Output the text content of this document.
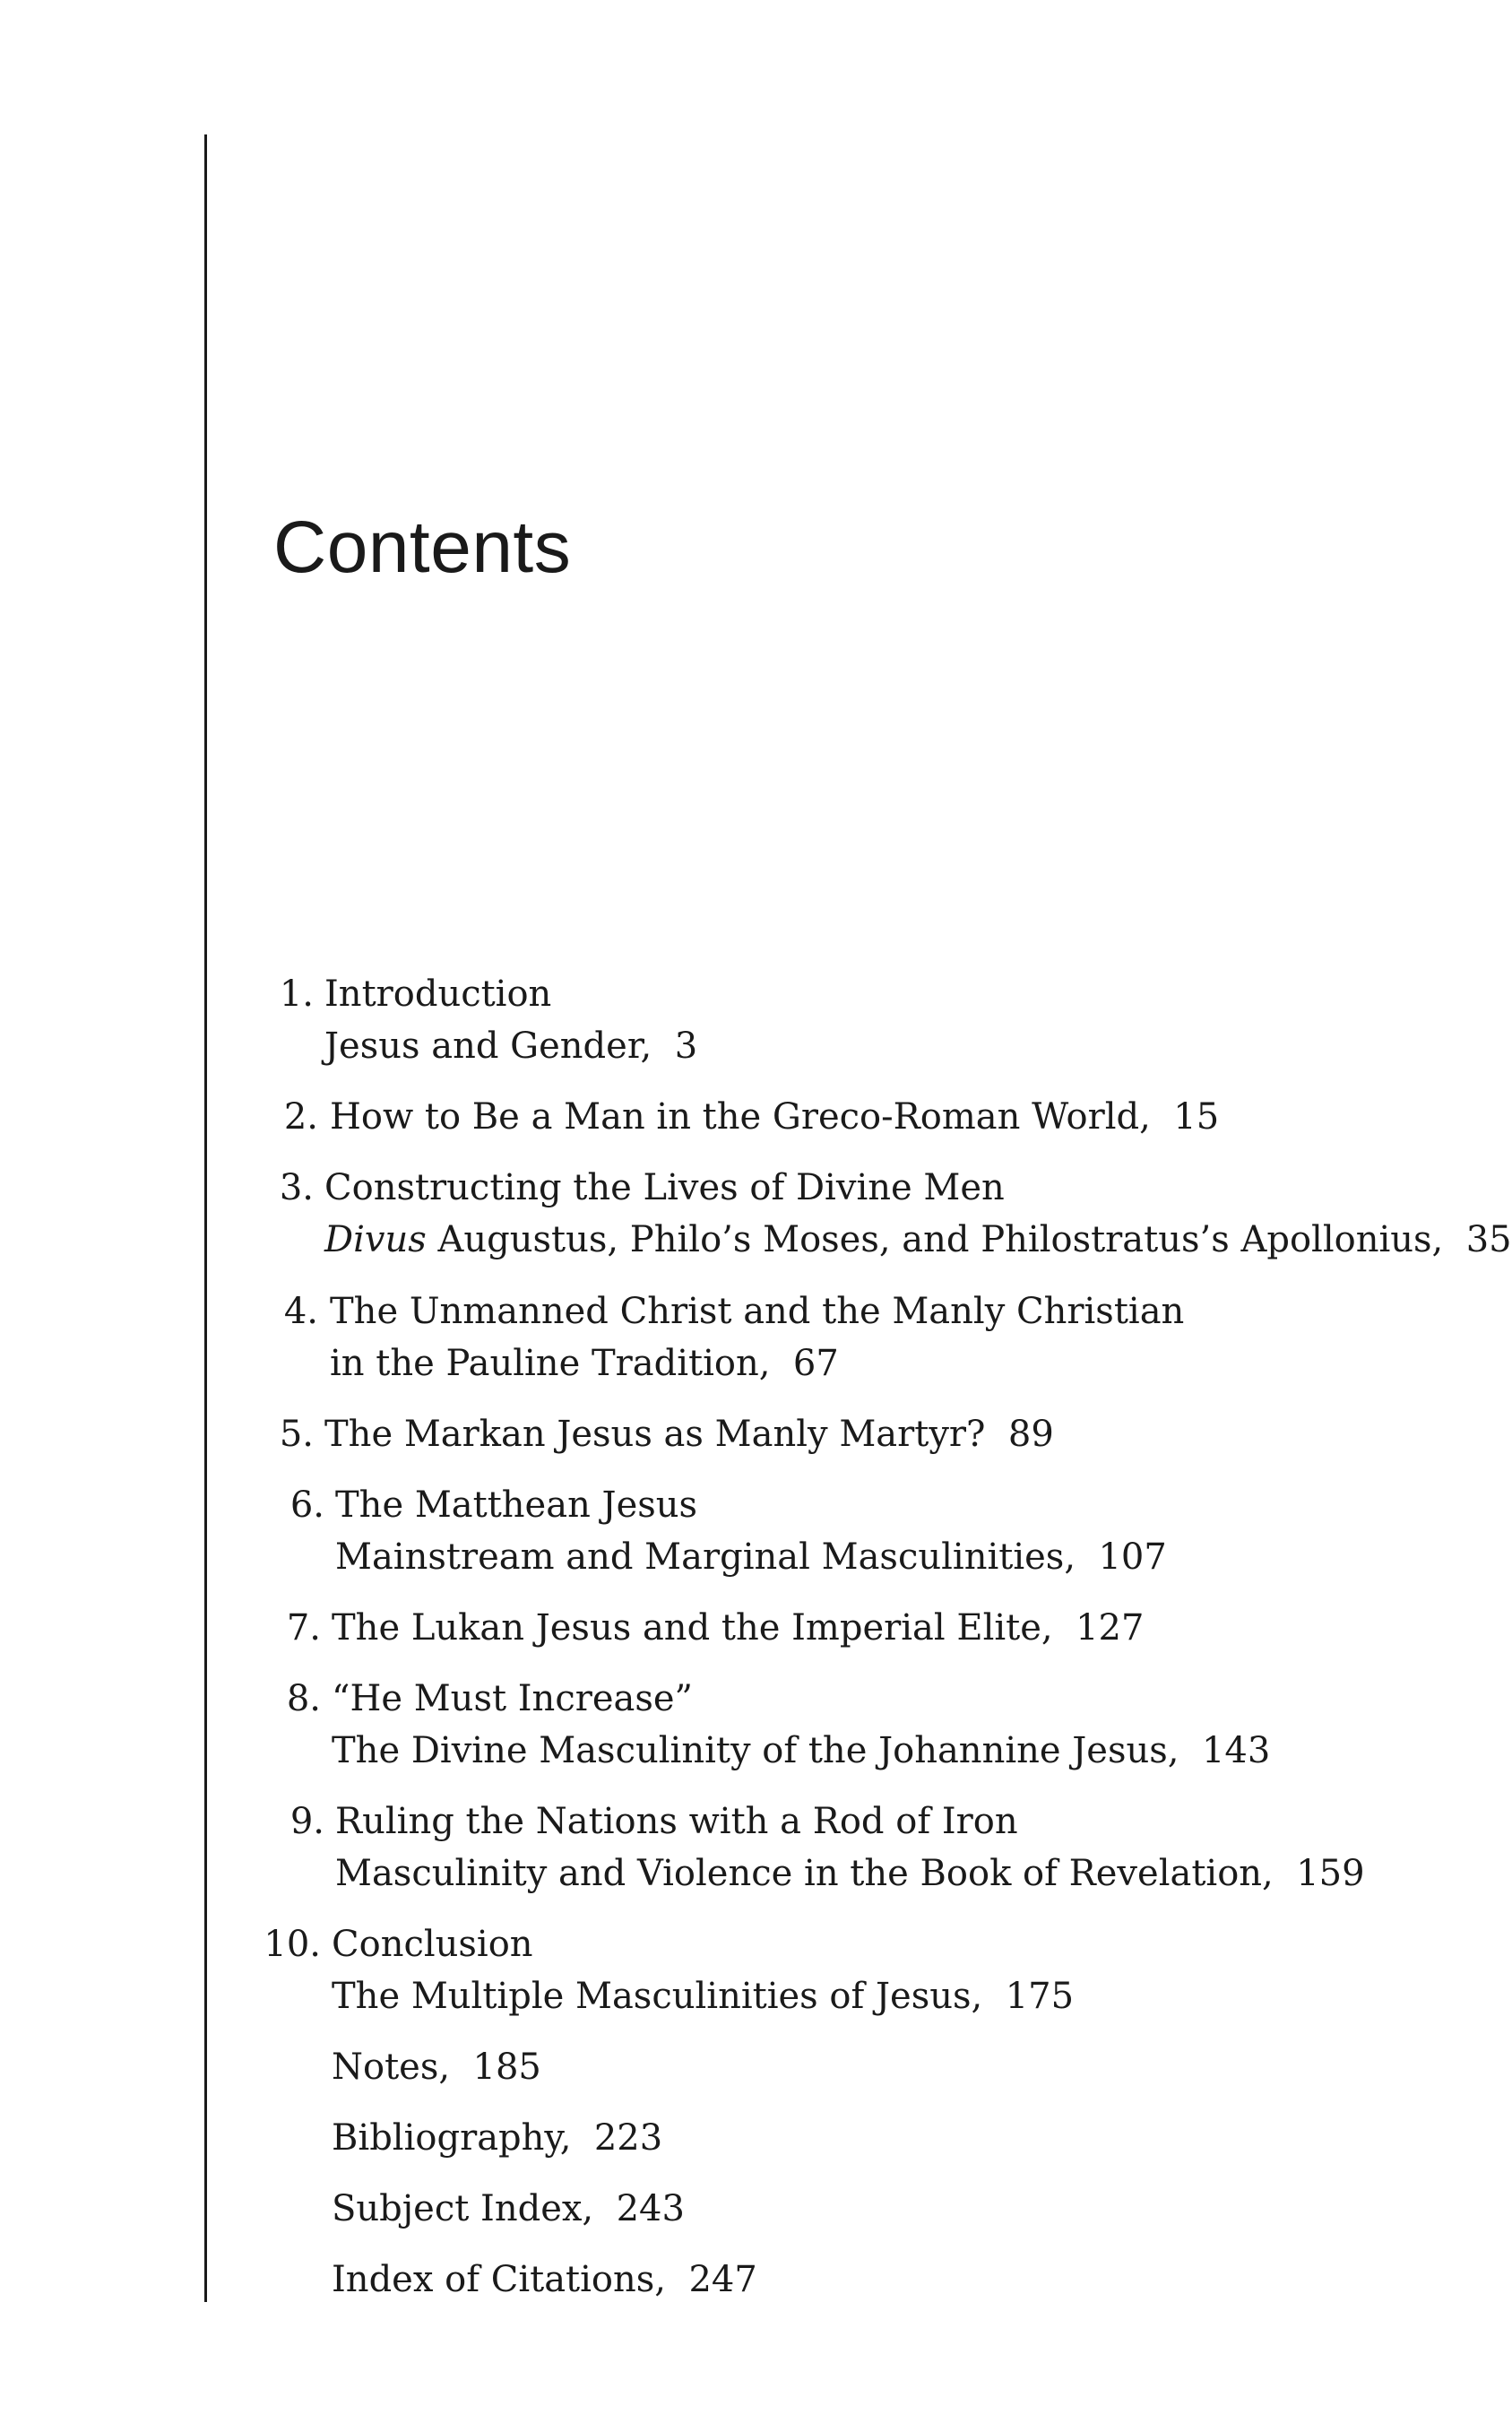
Contents
1. Introduction
Jesus and Gender, 3
2. How to Be a Man in the Greco-Roman World, 15
3. Constructing the Lives of Divine Men
Divus Augustus, Philo’s Moses, and Philostratus’s Apollonius, 35
4. The Unmanned Christ and the Manly Christian
in the Pauline Tradition, 67
5. The Markan Jesus as Manly Martyr? 89
6. The Matthean Jesus
Mainstream and Marginal Masculinities, 107
7. The Lukan Jesus and the Imperial Elite, 127
8. “He Must Increase”
The Divine Masculinity of the Johannine Jesus, 143
9. Ruling the Nations with a Rod of Iron
Masculinity and Violence in the Book of Revelation, 159
10. Conclusion
The Multiple Masculinities of Jesus, 175
Notes, 185
Bibliography, 223
Subject Index, 243
Index of Citations, 247
